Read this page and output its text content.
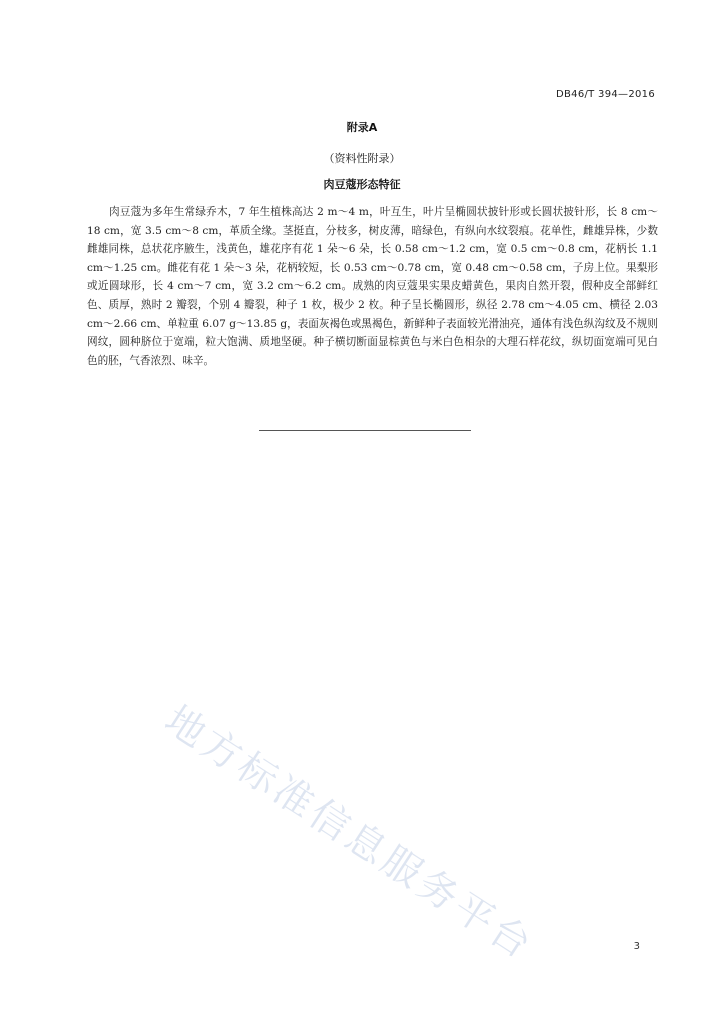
DB46/T 394—2016
附录A
（资料性附录）
肉豆蔻形态特征

肉豆蔻为多年生常绿乔木，7 年生植株高达 2 m～4 m，叶互生，叶片呈椭圆状披针形或长圆状披针形，长 8 cm～18 cm，宽 3.5 cm～8 cm，革质全缘。茎挺直，分枝多，树皮薄，暗绿色，有纵向水纹裂痕。花单性，雌雄异株，少数雌雄同株，总状花序腋生，浅黄色，雄花序有花 1 朵～6 朵，长 0.58 cm～1.2 cm，宽 0.5 cm～0.8 cm，花柄长 1.1 cm～1.25 cm。雌花有花 1 朵～3 朵，花柄较短，长 0.53 cm～0.78 cm，宽 0.48 cm～0.58 cm，子房上位。果梨形或近圆球形，长 4 cm～7 cm，宽 3.2 cm～6.2 cm。成熟的肉豆蔻果实果皮蜡黄色，果肉自然开裂，假种皮全部鲜红色、质厚，熟时 2 瓣裂，个别 4 瓣裂，种子 1 枚，极少 2 枚。种子呈长椭圆形，纵径 2.78 cm～4.05 cm、横径 2.03 cm～2.66 cm、单粒重 6.07 g～13.85 g，表面灰褐色或黑褐色，新鲜种子表面较光滑油亮，通体有浅色纵沟纹及不规则网纹，圆种脐位于宽端，粒大饱满、质地坚硬。种子横切断面显棕黄色与米白色相杂的大理石样花纹，纵切面宽端可见白色的胚，气香浓烈、味辛。

地方标准信息服务平台	3
